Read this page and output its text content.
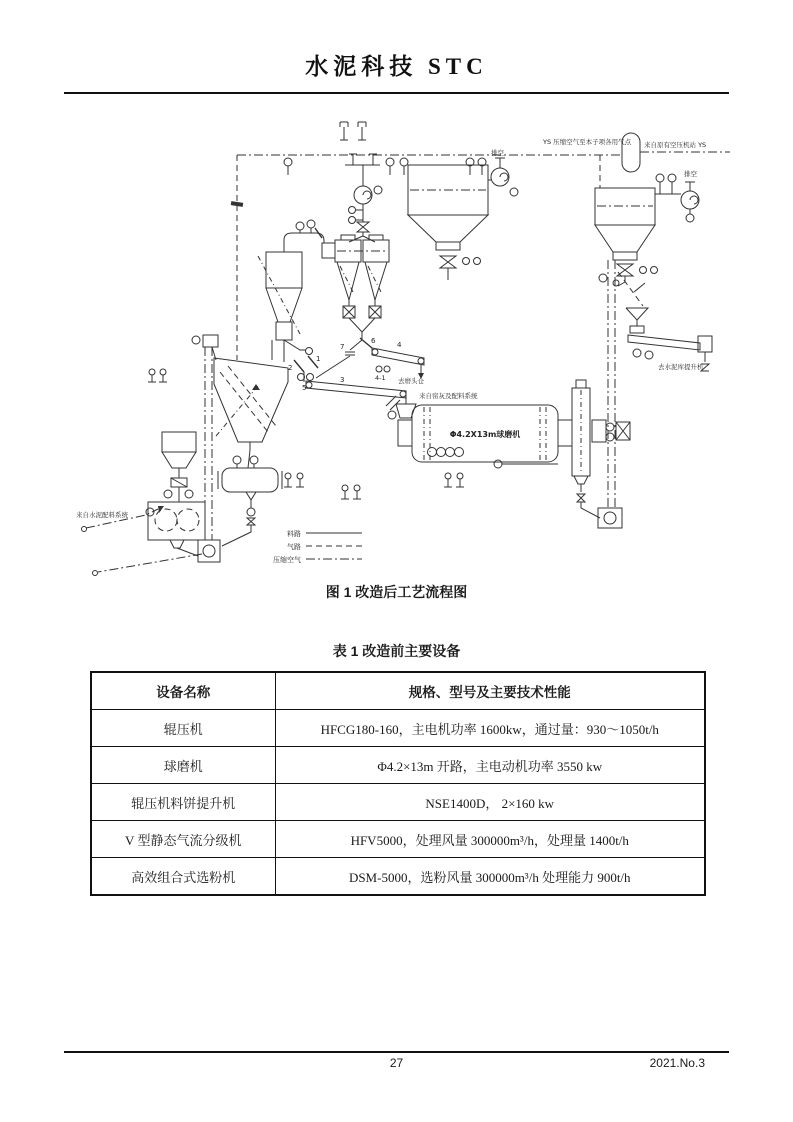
水泥科技 STC
YS 压缩空气至本子项各用气点 来自原有空压机站 YS
排空
排空
6
7	4
4-1 去磨头仓
2
1
5
3
来自窑灰及配料系统
Φ4.2X13m球磨机
去水泥库提升机
来自水泥配料系统
料路
气路
压缩空气
图 1 改造后工艺流程图
表 1 改造前主要设备
设备名称	规格、型号及主要技术性能
辊压机	HFCG180-160，主电机功率 1600kw，通过量：930～1050t/h
球磨机	Φ4.2×13m 开路，主电动机功率 3550 kw
辊压机料饼提升机	NSE1400D， 2×160 kw
V 型静态气流分级机	HFV5000，处理风量 300000m³/h，处理量 1400t/h
高效组合式选粉机	DSM-5000，选粉风量 300000m³/h 处理能力 900t/h
27	2021.No.3
